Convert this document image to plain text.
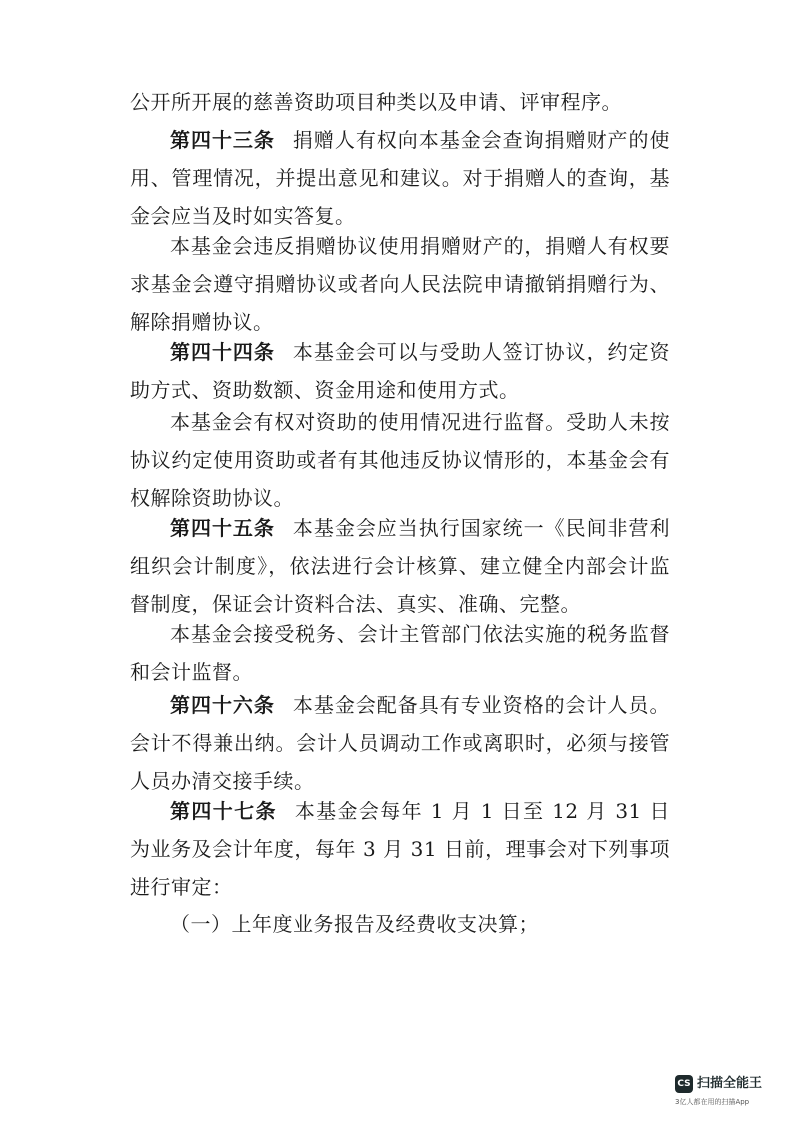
公开所开展的慈善资助项目种类以及申请、评审程序。

第四十三条 捐赠人有权向本基金会查询捐赠财产的使用、管理情况，并提出意见和建议。对于捐赠人的查询，基金会应当及时如实答复。

本基金会违反捐赠协议使用捐赠财产的，捐赠人有权要求基金会遵守捐赠协议或者向人民法院申请撤销捐赠行为、解除捐赠协议。

第四十四条 本基金会可以与受助人签订协议，约定资助方式、资助数额、资金用途和使用方式。

本基金会有权对资助的使用情况进行监督。受助人未按协议约定使用资助或者有其他违反协议情形的，本基金会有权解除资助协议。

第四十五条 本基金会应当执行国家统一《民间非营利组织会计制度》，依法进行会计核算、建立健全内部会计监督制度，保证会计资料合法、真实、准确、完整。

本基金会接受税务、会计主管部门依法实施的税务监督和会计监督。

第四十六条 本基金会配备具有专业资格的会计人员。会计不得兼出纳。会计人员调动工作或离职时，必须与接管人员办清交接手续。

第四十七条 本基金会每年 1 月 1 日至 12 月 31 日为业务及会计年度，每年 3 月 31 日前，理事会对下列事项进行审定：

（一）上年度业务报告及经费收支决算；

CS 扫描全能王
3亿人都在用的扫描App
